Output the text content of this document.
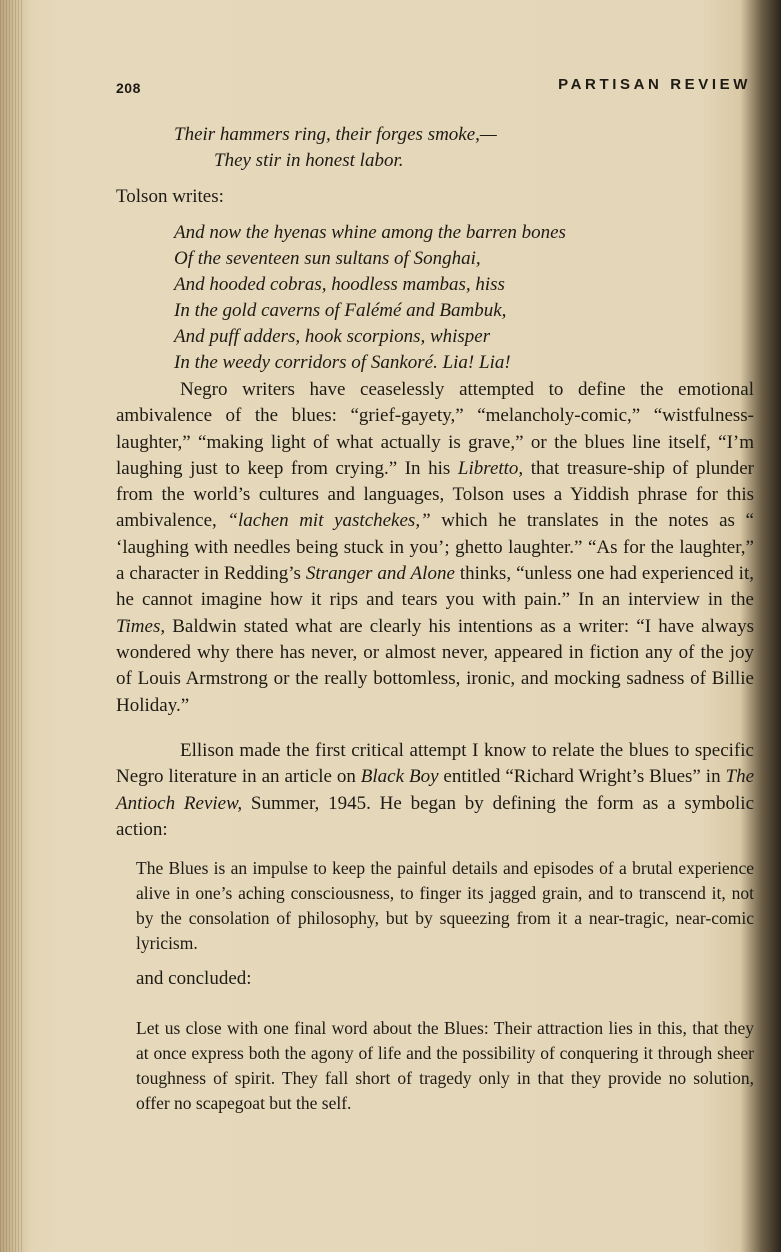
208	PARTISAN REVIEW
Their hammers ring, their forges smoke,—
They stir in honest labor.

Tolson writes:

And now the hyenas whine among the barren bones
Of the seventeen sun sultans of Songhai,
And hooded cobras, hoodless mambas, hiss
In the gold caverns of Falémé and Bambuk,
And puff adders, hook scorpions, whisper
In the weedy corridors of Sankoré. Lia! Lia!

Negro writers have ceaselessly attempted to define the emotional ambivalence of the blues: “grief-gayety,” “melancholy-comic,” “wistfulness-laughter,” “making light of what actually is grave,” or the blues line itself, “I’m laughing just to keep from crying.” In his Libretto, that treasure-ship of plunder from the world’s cultures and languages, Tolson uses a Yiddish phrase for this ambivalence, “lachen mit yastchekes,” which he translates in the notes as “ ‘laughing with needles being stuck in you’; ghetto laughter.” “As for the laughter,” a character in Redding’s Stranger and Alone thinks, “unless one had experienced it, he cannot imagine how it rips and tears you with pain.” In an interview in the Times, Baldwin stated what are clearly his intentions as a writer: “I have always wondered why there has never, or almost never, appeared in fiction any of the joy of Louis Armstrong or the really bottomless, ironic, and mocking sadness of Billie Holiday.”

Ellison made the first critical attempt I know to relate the blues to specific Negro literature in an article on Black Boy entitled “Richard Wright’s Blues” in The Antioch Review, Summer, 1945. He began by defining the form as a symbolic action:

The Blues is an impulse to keep the painful details and episodes of a brutal experience alive in one’s aching consciousness, to finger its jagged grain, and to transcend it, not by the consolation of philosophy, but by squeezing from it a near-tragic, near-comic lyricism.

and concluded:

Let us close with one final word about the Blues: Their attraction lies in this, that they at once express both the agony of life and the possibility of conquering it through sheer toughness of spirit. They fall short of tragedy only in that they provide no solution, offer no scapegoat but the self.
